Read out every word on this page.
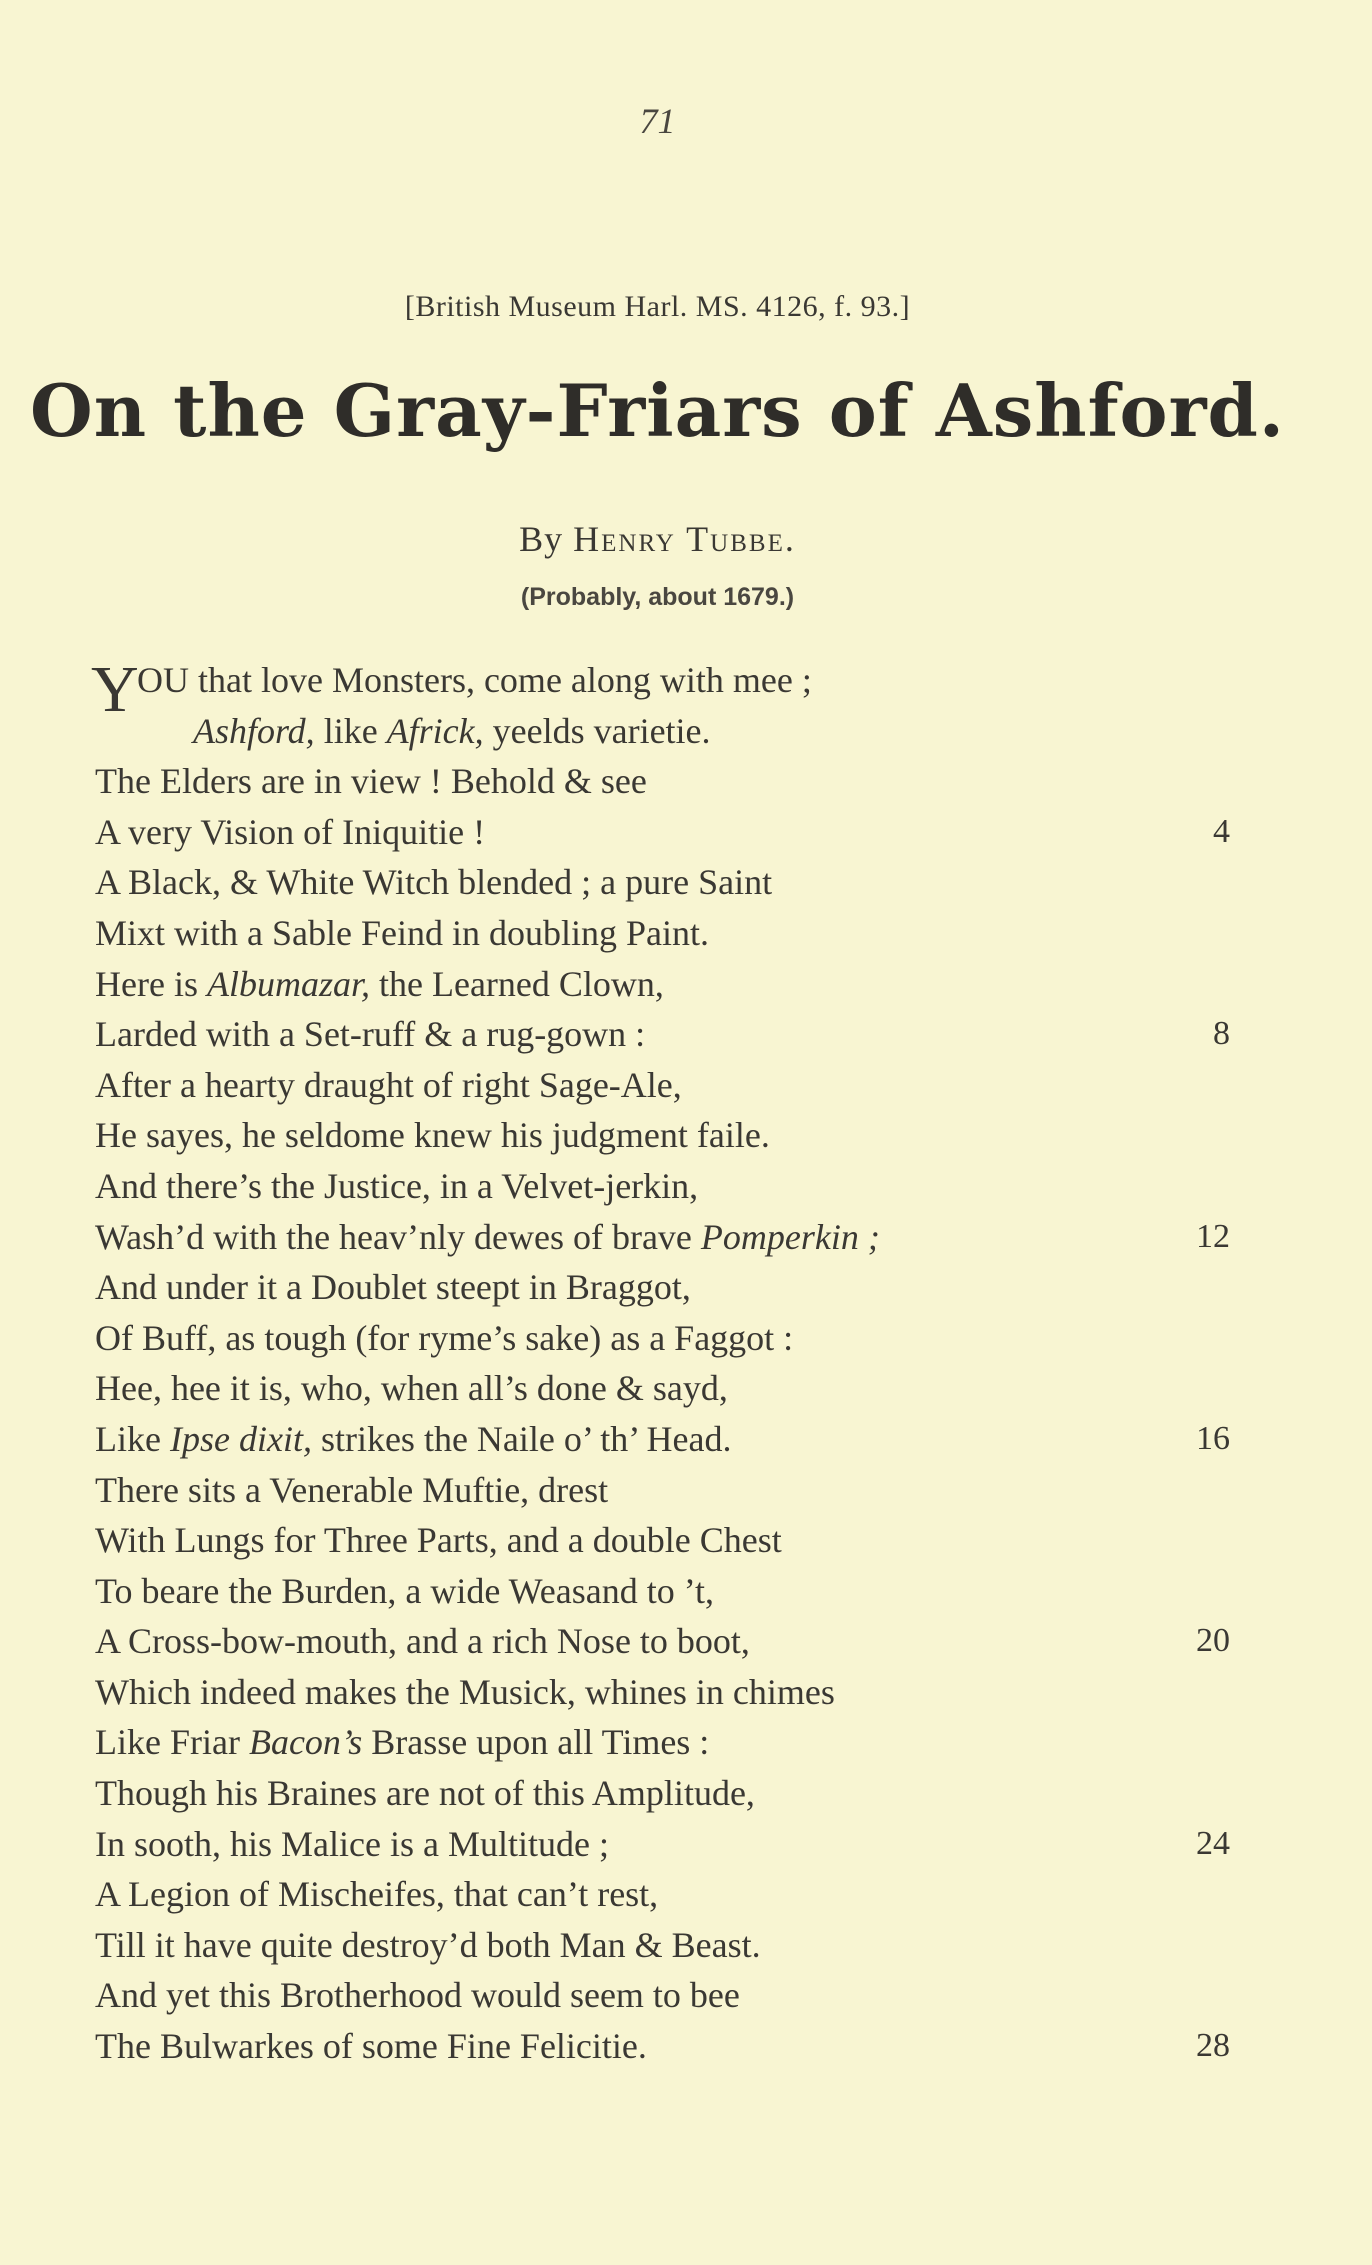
71
[British Museum Harl. MS. 4126, f. 93.]
On the Gray-Friars of Ashford.
By Henry Tubbe.
(Probably, about 1679.)
Y
OU that love Monsters, come along with mee ;
Ashford, like Africk, yeelds varietie.
The Elders are in view ! Behold & see
A very Vision of Iniquitie !	4
A Black, & White Witch blended ; a pure Saint
Mixt with a Sable Feind in doubling Paint.
Here is Albumazar, the Learned Clown,
Larded with a Set-ruff & a rug-gown :	8
After a hearty draught of right Sage-Ale,
He sayes, he seldome knew his judgment faile.
And there’s the Justice, in a Velvet-jerkin,
Wash’d with the heav’nly dewes of brave Pomperkin ;	12
And under it a Doublet steept in Braggot,
Of Buff, as tough (for ryme’s sake) as a Faggot :
Hee, hee it is, who, when all’s done & sayd,
Like Ipse dixit, strikes the Naile o’ th’ Head.	16
There sits a Venerable Muftie, drest
With Lungs for Three Parts, and a double Chest
To beare the Burden, a wide Weasand to ’t,
A Cross-bow-mouth, and a rich Nose to boot,	20
Which indeed makes the Musick, whines in chimes
Like Friar Bacon’s Brasse upon all Times :
Though his Braines are not of this Amplitude,
In sooth, his Malice is a Multitude ;	24
A Legion of Mischeifes, that can’t rest,
Till it have quite destroy’d both Man & Beast.
And yet this Brotherhood would seem to bee
The Bulwarkes of some Fine Felicitie.	28
